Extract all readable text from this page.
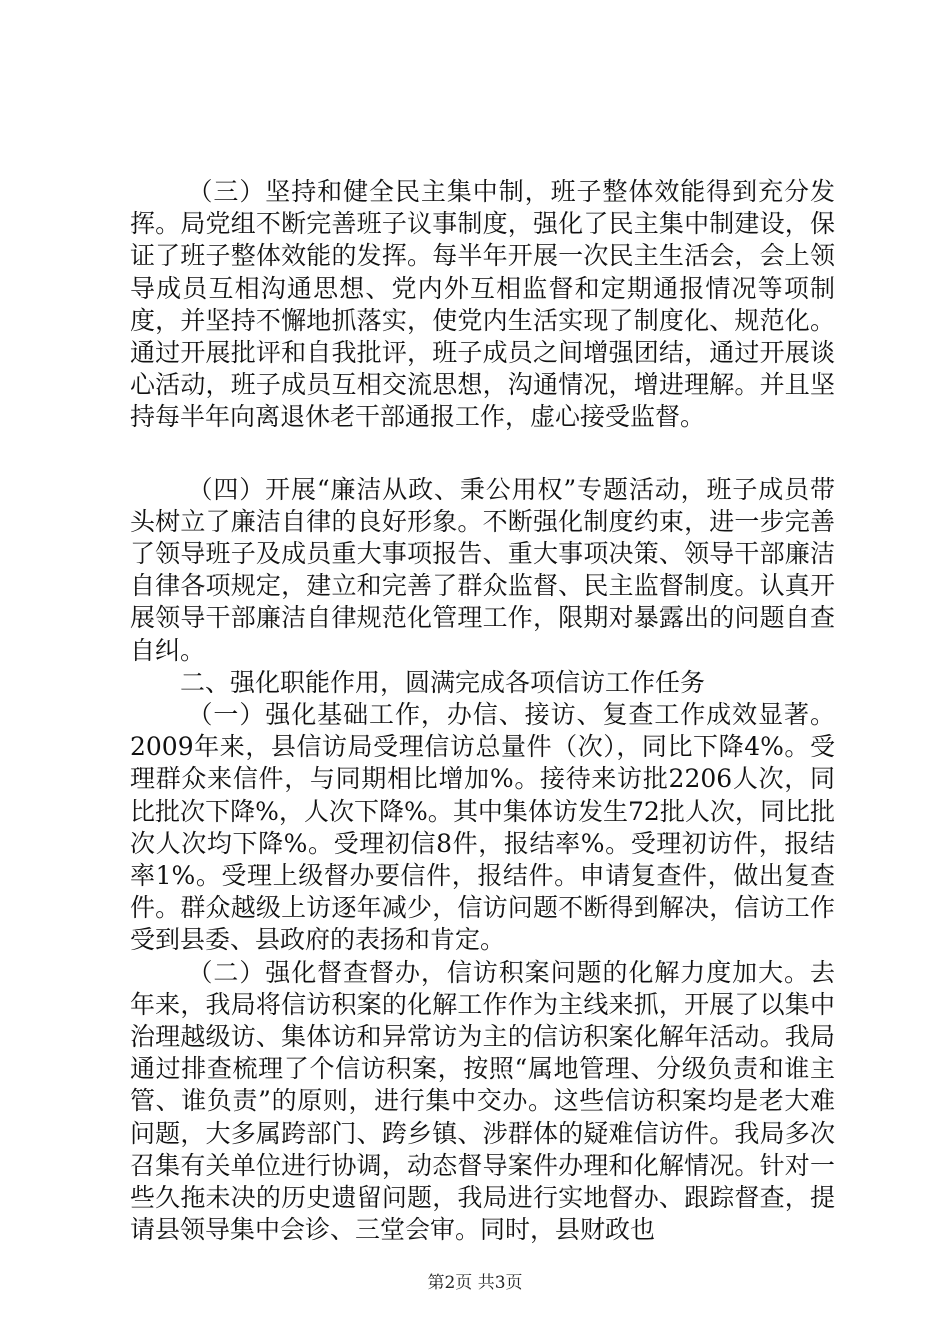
（三）坚持和健全民主集中制，班子整体效能得到充分发挥。局党组不断完善班子议事制度，强化了民主集中制建设，保证了班子整体效能的发挥。每半年开展一次民主生活会，会上领导成员互相沟通思想、党内外互相监督和定期通报情况等项制度，并坚持不懈地抓落实，使党内生活实现了制度化、规范化。通过开展批评和自我批评，班子成员之间增强团结，通过开展谈心活动，班子成员互相交流思想，沟通情况，增进理解。并且坚持每半年向离退休老干部通报工作，虚心接受监督。

（四）开展“廉洁从政、秉公用权”专题活动，班子成员带头树立了廉洁自律的良好形象。不断强化制度约束，进一步完善了领导班子及成员重大事项报告、重大事项决策、领导干部廉洁自律各项规定，建立和完善了群众监督、民主监督制度。认真开展领导干部廉洁自律规范化管理工作，限期对暴露出的问题自查自纠。

二、强化职能作用，圆满完成各项信访工作任务

（一）强化基础工作，办信、接访、复查工作成效显著。2009年来，县信访局受理信访总量件（次），同比下降4%。受理群众来信件，与同期相比增加%。接待来访批2206人次，同比批次下降%，人次下降%。其中集体访发生72批人次，同比批次人次均下降%。受理初信8件，报结率%。受理初访件，报结率1%。受理上级督办要信件，报结件。申请复查件，做出复查件。群众越级上访逐年减少，信访问题不断得到解决，信访工作受到县委、县政府的表扬和肯定。

（二）强化督查督办，信访积案问题的化解力度加大。去年来，我局将信访积案的化解工作作为主线来抓，开展了以集中治理越级访、集体访和异常访为主的信访积案化解年活动。我局通过排查梳理了个信访积案，按照“属地管理、分级负责和谁主管、谁负责”的原则，进行集中交办。这些信访积案均是老大难问题，大多属跨部门、跨乡镇、涉群体的疑难信访件。我局多次召集有关单位进行协调，动态督导案件办理和化解情况。针对一些久拖未决的历史遗留问题，我局进行实地督办、跟踪督查，提请县领导集中会诊、三堂会审。同时，县财政也

第2页 共3页
